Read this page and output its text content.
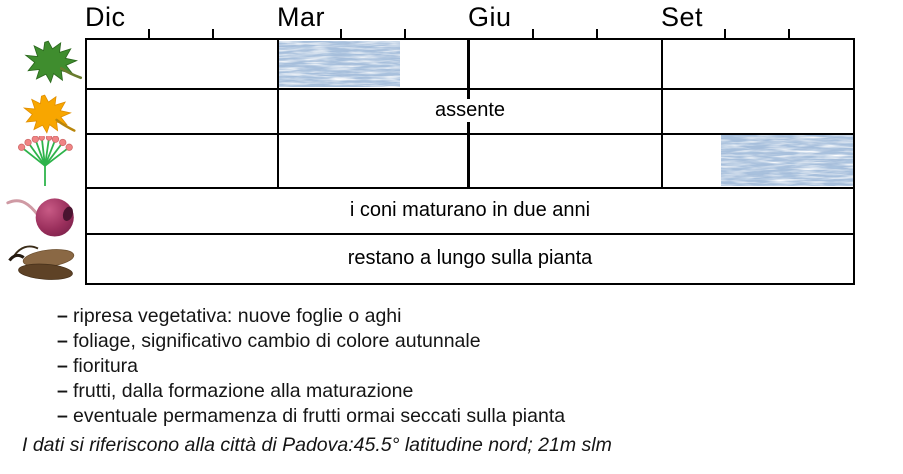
Dic	Mar	Giu	Set
assente
i coni maturano in due anni
restano a lungo sulla pianta
– ripresa vegetativa: nuove foglie o aghi
– foliage, significativo cambio di colore autunnale
– fioritura
– frutti, dalla formazione alla maturazione
– eventuale permamenza di frutti ormai seccati sulla pianta
I dati si riferiscono alla città di Padova:45.5° latitudine nord; 21m slm
